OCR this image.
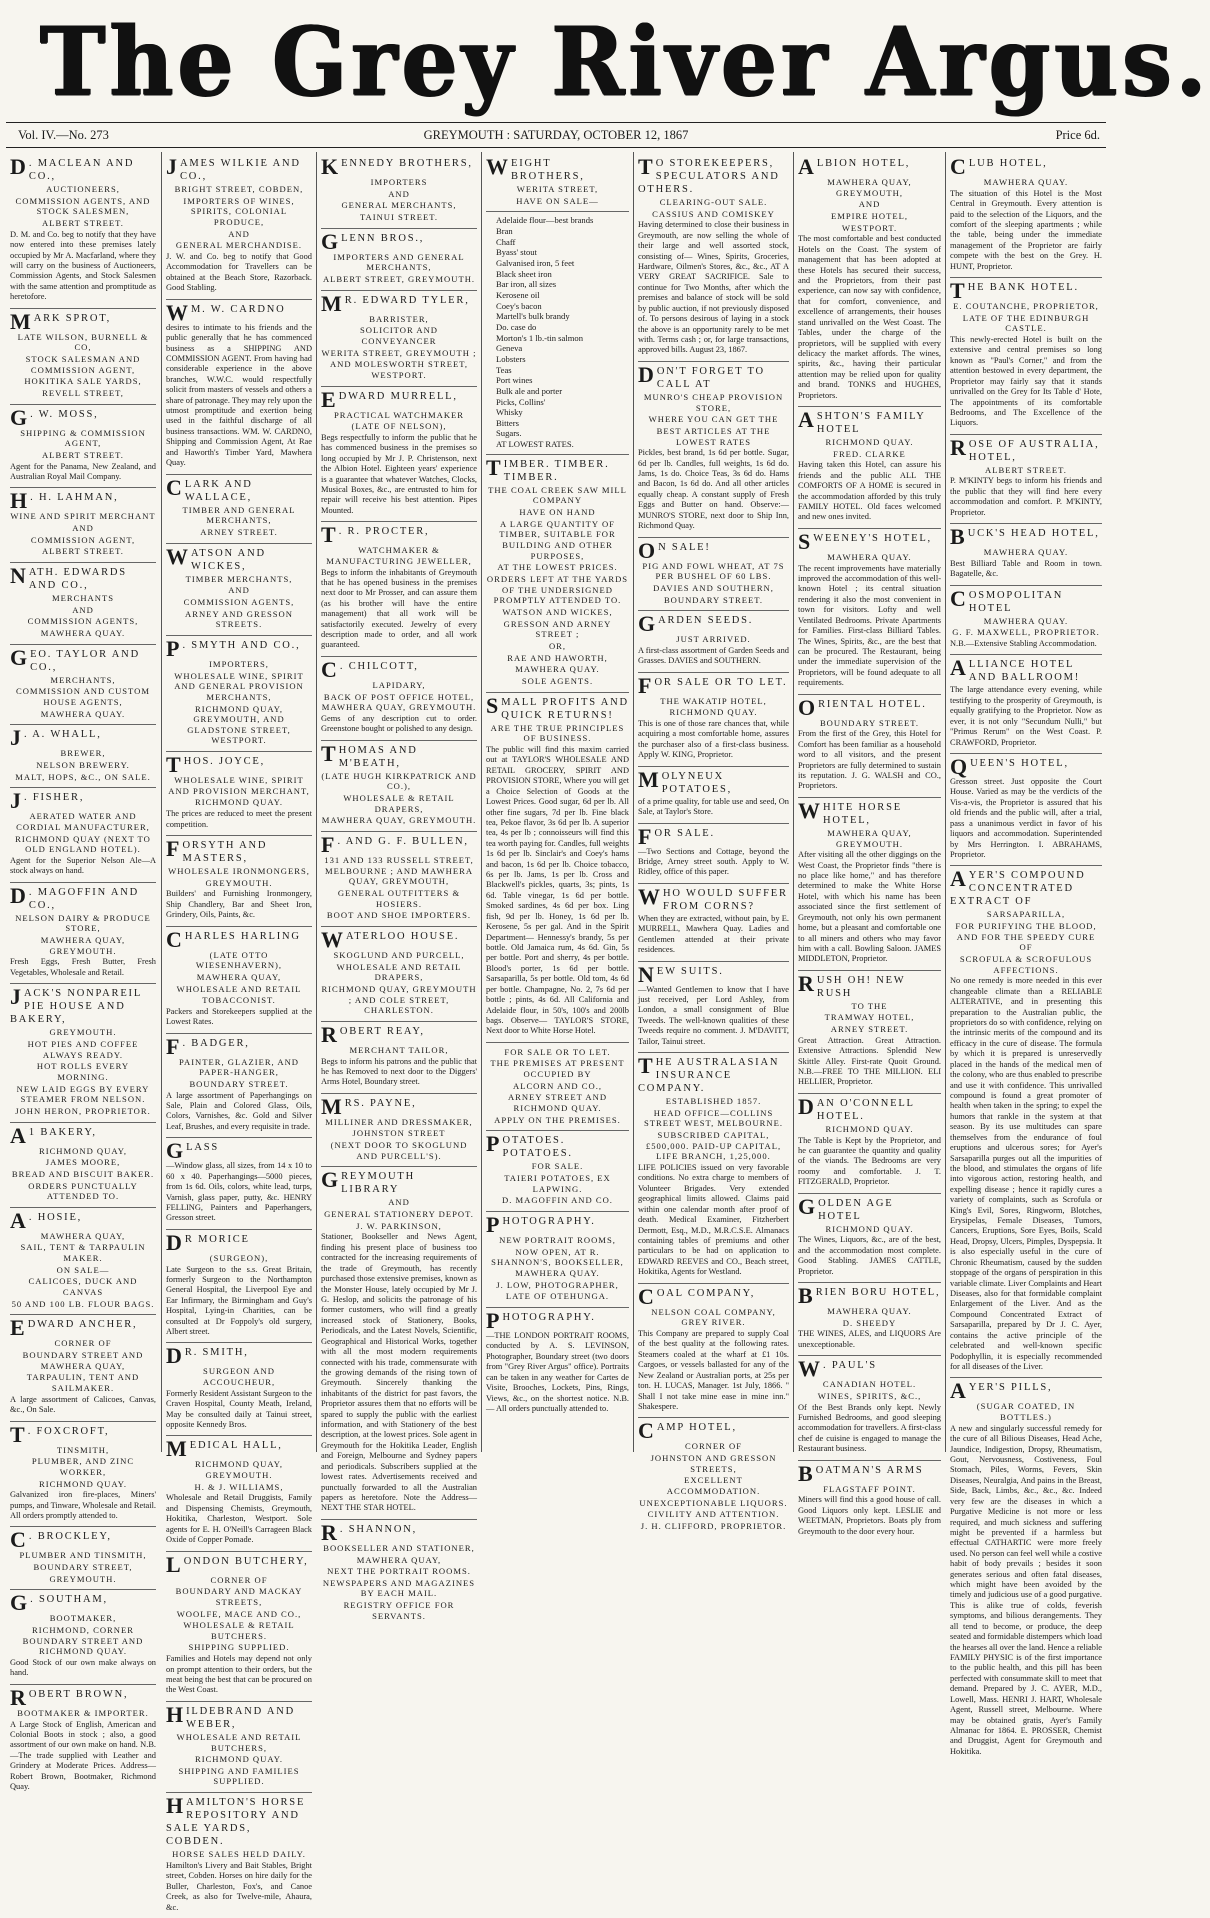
The Grey River Argus.
Vol. IV.—No. 273	GREYMOUTH : SATURDAY, OCTOBER 12, 1867	Price 6d.
D . MACLEAN AND CO.,

AUCTIONEERS,

COMMISSION AGENTS, AND STOCK SALESMEN,

ALBERT STREET.

D. M. and Co. beg to notify that they have now entered into these premises lately occupied by Mr A. Macfarland, where they will carry on the business of Auctioneers, Commission Agents, and Stock Salesmen with the same attention and promptitude as heretofore.

MARK SPROT,

LATE WILSON, BURNELL & CO,

STOCK SALESMAN AND COMMISSION AGENT,

HOKITIKA SALE YARDS,

REVELL STREET,

G . W. MOSS,

SHIPPING & COMMISSION AGENT,

ALBERT STREET.

Agent for the Panama, New Zealand, and Australian Royal Mail Company.

H . H. LAHMAN,

WINE AND SPIRIT MERCHANT

AND

COMMISSION AGENT,

ALBERT STREET.

NATH. EDWARDS AND CO.,

MERCHANTS

AND

COMMISSION AGENTS,

MAWHERA QUAY.

GEO. TAYLOR AND CO.,

MERCHANTS,

COMMISSION AND CUSTOM HOUSE AGENTS,

MAWHERA QUAY.

J . A. WHALL,

BREWER,

NELSON BREWERY.

MALT, HOPS, &C., ON SALE.

J . FISHER,

AERATED WATER AND CORDIAL MANUFACTURER,

RICHMOND QUAY (NEXT TO OLD ENGLAND HOTEL).

Agent for the Superior Nelson Ale—A stock always on hand.

D . MAGOFFIN AND CO.,

NELSON DAIRY & PRODUCE STORE,

MAWHERA QUAY, GREYMOUTH.

Fresh Eggs, Fresh Butter, Fresh Vegetables, Wholesale and Retail.

JACK'S NONPAREIL PIE HOUSE AND BAKERY,

GREYMOUTH.

HOT PIES AND COFFEE ALWAYS READY.

HOT ROLLS EVERY MORNING.

NEW LAID EGGS BY EVERY STEAMER FROM NELSON.

JOHN HERON, PROPRIETOR.

A 1 BAKERY,

RICHMOND QUAY,

JAMES MOORE,

BREAD AND BISCUIT BAKER.

ORDERS PUNCTUALLY ATTENDED TO.

A . HOSIE,

MAWHERA QUAY,

SAIL, TENT & TARPAULIN MAKER.

ON SALE—

CALICOES, DUCK AND CANVAS

50 AND 100 LB. FLOUR BAGS.

EDWARD ANCHER,

CORNER OF

BOUNDARY STREET AND MAWHERA QUAY,

TARPAULIN, TENT AND SAILMAKER.

A large assortment of Calicoes, Canvas, &c., On Sale.

T . FOXCROFT,

TINSMITH,

PLUMBER, AND ZINC WORKER,

RICHMOND QUAY.

Galvanized iron fire-places, Miners' pumps, and Tinware, Wholesale and Retail. All orders promptly attended to.

C . BROCKLEY,

PLUMBER AND TINSMITH,

BOUNDARY STREET,

GREYMOUTH.

G . SOUTHAM,

BOOTMAKER,

RICHMOND, CORNER BOUNDARY STREET AND RICHMOND QUAY.

Good Stock of our own make always on hand.

ROBERT BROWN,

BOOTMAKER & IMPORTER.

A Large Stock of English, American and Colonial Boots in stock ; also, a good assortment of our own make on hand. N.B.—The trade supplied with Leather and Grindery at Moderate Prices. Address—Robert Brown, Bootmaker, Richmond Quay.

JAMES WILKIE AND CO.,

BRIGHT STREET, COBDEN,

IMPORTERS OF WINES, SPIRITS, COLONIAL PRODUCE,

AND

GENERAL MERCHANDISE.

J. W. and Co. beg to notify that Good Accommodation for Travellers can be obtained at the Beach Store, Razorback. Good Stabling.

W M. W. CARDNO

desires to intimate to his friends and the public generally that he has commenced business as a SHIPPING AND COMMISSION AGENT. From having had considerable experience in the above branches, W.W.C. would respectfully solicit from masters of vessels and others a share of patronage. They may rely upon the utmost promptitude and exertion being used in the faithful discharge of all business transactions. WM. W. CARDNO, Shipping and Commission Agent, At Rae and Haworth's Timber Yard, Mawhera Quay.

CLARK AND WALLACE,

TIMBER AND GENERAL MERCHANTS,

ARNEY STREET.

WATSON AND WICKES,

TIMBER MERCHANTS,

AND

COMMISSION AGENTS,

ARNEY AND GRESSON STREETS.

P . SMYTH AND CO.,

IMPORTERS,

WHOLESALE WINE, SPIRIT AND GENERAL PROVISION MERCHANTS,

RICHMOND QUAY, GREYMOUTH, AND GLADSTONE STREET, WESTPORT.

THOS. JOYCE,

WHOLESALE WINE, SPIRIT AND PROVISION MERCHANT,

RICHMOND QUAY.

The prices are reduced to meet the present competition.

FORSYTH AND MASTERS,

WHOLESALE IRONMONGERS,

GREYMOUTH.

Builders' and Furnishing Ironmongery, Ship Chandlery, Bar and Sheet Iron, Grindery, Oils, Paints, &c.

CHARLES HARLING

(LATE OTTO WIESENHAVERN),

MAWHERA QUAY,

WHOLESALE AND RETAIL

TOBACCONIST.

Packers and Storekeepers supplied at the Lowest Rates.

F . BADGER,

PAINTER, GLAZIER, AND PAPER-HANGER,

BOUNDARY STREET.

A large assortment of Paperhangings on Sale, Plain and Colored Glass, Oils, Colors, Varnishes, &c. Gold and Silver Leaf, Brushes, and every requisite in trade.

GLASS

—Window glass, all sizes, from 14 x 10 to 60 x 40. Paperhangings—5000 pieces, from 1s 6d. Oils, colors, white lead, turps, Varnish, glass paper, putty, &c. HENRY FELLING, Painters and Paperhangers, Gresson street.

D R MORICE

(SURGEON),

Late Surgeon to the s.s. Great Britain, formerly Surgeon to the Northampton General Hospital, the Liverpool Eye and Ear Infirmary, the Birmingham and Guy's Hospital, Lying-in Charities, can be consulted at Dr Foppoly's old surgery, Albert street.

D R. SMITH,

SURGEON AND ACCOUCHEUR,

Formerly Resident Assistant Surgeon to the Craven Hospital, County Meath, Ireland, May be consulted daily at Tainui street, opposite Kennedy Bros.

MEDICAL HALL,

RICHMOND QUAY, GREYMOUTH.

H. & J. WILLIAMS,

Wholesale and Retail Druggists, Family and Dispensing Chemists, Greymouth, Hokitika, Charleston, Westport. Sole agents for E. H. O'Neill's Carrageen Black Oxide of Copper Pomade.

LONDON BUTCHERY,

CORNER OF

BOUNDARY AND MACKAY STREETS,

WOOLFE, MACE AND CO.,

WHOLESALE & RETAIL BUTCHERS.

SHIPPING SUPPLIED.

Families and Hotels may depend not only on prompt attention to their orders, but the meat being the best that can be procured on the West Coast.

HILDEBRAND AND WEBER,

WHOLESALE AND RETAIL BUTCHERS,

RICHMOND QUAY.

SHIPPING AND FAMILIES SUPPLIED.

HAMILTON'S HORSE REPOSITORY AND SALE YARDS, COBDEN.

HORSE SALES HELD DAILY.

Hamilton's Livery and Bait Stables, Bright street, Cobden. Horses on hire daily for the Buller, Charleston, Fox's, and Canoe Creek, as also for Twelve-mile, Ahaura, &c.

KENNEDY BROTHERS,

IMPORTERS

AND

GENERAL MERCHANTS,

TAINUI STREET.

GLENN BROS.,

IMPORTERS AND GENERAL MERCHANTS,

ALBERT STREET, GREYMOUTH.

M R. EDWARD TYLER,

BARRISTER,

SOLICITOR AND CONVEYANCER

WERITA STREET, GREYMOUTH ;

AND MOLESWORTH STREET, WESTPORT.

EDWARD MURRELL,

PRACTICAL WATCHMAKER

(LATE OF NELSON),

Begs respectfully to inform the public that he has commenced business in the premises so long occupied by Mr J. P. Christenson, next the Albion Hotel. Eighteen years' experience is a guarantee that whatever Watches, Clocks, Musical Boxes, &c., are entrusted to him for repair will receive his best attention. Pipes Mounted.

T . R. PROCTER,

WATCHMAKER & MANUFACTURING JEWELLER,

Begs to inform the inhabitants of Greymouth that he has opened business in the premises next door to Mr Prosser, and can assure them (as his brother will have the entire management) that all work will be satisfactorily executed. Jewelry of every description made to order, and all work guaranteed.

C . CHILCOTT,

LAPIDARY,

BACK OF POST OFFICE HOTEL, MAWHERA QUAY, GREYMOUTH.

Gems of any description cut to order. Greenstone bought or polished to any design.

THOMAS AND M'BEATH,

(LATE HUGH KIRKPATRICK AND CO.),

WHOLESALE & RETAIL DRAPERS,

MAWHERA QUAY, GREYMOUTH.

F . AND G. F. BULLEN,

131 AND 133 RUSSELL STREET, MELBOURNE ; AND MAWHERA QUAY, GREYMOUTH,

GENERAL OUTFITTERS & HOSIERS.

BOOT AND SHOE IMPORTERS.

WATERLOO HOUSE.

SKOGLUND AND PURCELL,

WHOLESALE AND RETAIL DRAPERS,

RICHMOND QUAY, GREYMOUTH ; AND COLE STREET, CHARLESTON.

ROBERT REAY,

MERCHANT TAILOR,

Begs to inform his patrons and the public that he has Removed to next door to the Diggers' Arms Hotel, Boundary street.

MRS. PAYNE,

MILLINER AND DRESSMAKER,

JOHNSTON STREET

(NEXT DOOR TO SKOGLUND AND PURCELL'S).

GREYMOUTH LIBRARY

AND

GENERAL STATIONERY DEPOT.

J. W. PARKINSON,

Stationer, Bookseller and News Agent, finding his present place of business too contracted for the increasing requirements of the trade of Greymouth, has recently purchased those extensive premises, known as the Monster House, lately occupied by Mr J. G. Heslop, and solicits the patronage of his former customers, who will find a greatly increased stock of Stationery, Books, Periodicals, and the Latest Novels, Scientific, Geographical and Historical Works, together with all the most modern requirements connected with his trade, commensurate with the growing demands of the rising town of Greymouth. Sincerely thanking the inhabitants of the district for past favors, the Proprietor assures them that no efforts will be spared to supply the public with the earliest information, and with Stationery of the best description, at the lowest prices. Sole agent in Greymouth for the Hokitika Leader, English and Foreign, Melbourne and Sydney papers and periodicals. Subscribers supplied at the lowest rates. Advertisements received and punctually forwarded to all the Australian papers as heretofore. Note the Address— NEXT THE STAR HOTEL.

R . SHANNON,

BOOKSELLER AND STATIONER,

MAWHERA QUAY,

NEXT THE PORTRAIT ROOMS.

NEWSPAPERS AND MAGAZINES BY EACH MAIL.

REGISTRY OFFICE FOR SERVANTS.

WEIGHT BROTHERS,

WERITA STREET,

HAVE ON SALE—

Adelaide flour—best brands

Bran

Chaff

Byass' stout

Galvanised iron, 5 feet

Black sheet iron

Bar iron, all sizes

Kerosene oil

Coey's bacon

Martell's bulk brandy

Do. case do

Morton's 1 lb.-tin salmon

Geneva

Lobsters

Teas

Port wines

Bulk ale and porter

Picks, Collins'

Whisky

Bitters

Sugars.

AT LOWEST RATES.

TIMBER. TIMBER. TIMBER.

THE COAL CREEK SAW MILL COMPANY

HAVE ON HAND

A LARGE QUANTITY OF TIMBER, SUITABLE FOR BUILDING AND OTHER PURPOSES,

AT THE LOWEST PRICES.

ORDERS LEFT AT THE YARDS OF THE UNDERSIGNED PROMPTLY ATTENDED TO.

WATSON AND WICKES,

GRESSON AND ARNEY STREET ;

OR,

RAE AND HAWORTH,

MAWHERA QUAY.

SOLE AGENTS.

SMALL PROFITS AND QUICK RETURNS!

ARE THE TRUE PRINCIPLES OF BUSINESS.

The public will find this maxim carried out at TAYLOR'S WHOLESALE AND RETAIL GROCERY, SPIRIT AND PROVISION STORE, Where you will get a Choice Selection of Goods at the Lowest Prices. Good sugar, 6d per lb. All other fine sugars, 7d per lb. Fine black tea, Pekoe flavor, 3s 6d per lb. A superior tea, 4s per lb ; connoisseurs will find this tea worth paying for. Candles, full weights 1s 6d per lb. Sinclair's and Coey's hams and bacon, 1s 6d per lb. Choice tobacco, 6s per lb. Jams, 1s per lb. Cross and Blackwell's pickles, quarts, 3s; pints, 1s 6d. Table vinegar, 1s 6d per bottle. Smoked sardines, 4s 6d per box. Ling fish, 9d per lb. Honey, 1s 6d per lb. Kerosene, 5s per gal. And in the Spirit Department— Hennessy's brandy, 5s per bottle. Old Jamaica rum, 4s 6d. Gin, 5s per bottle. Port and sherry, 4s per bottle. Blood's porter, 1s 6d per bottle. Sarsaparilla, 5s per bottle. Old tom, 4s 6d per bottle. Champagne, No. 2, 7s 6d per bottle ; pints, 4s 6d. All California and Adelaide flour, in 50's, 100's and 200lb bags. Observe— TAYLOR'S STORE, Next door to White Horse Hotel.

FOR SALE OR TO LET.

THE PREMISES AT PRESENT OCCUPIED BY

ALCORN AND CO.,

ARNEY STREET AND RICHMOND QUAY.

APPLY ON THE PREMISES.

POTATOES. POTATOES.

FOR SALE.

TAIERI POTATOES, EX LAPWING.

D. MAGOFFIN AND CO.

PHOTOGRAPHY.

NEW PORTRAIT ROOMS,

NOW OPEN, AT R. SHANNON'S, BOOKSELLER, MAWHERA QUAY.

J. LOW, PHOTOGRAPHER,

LATE OF OTEHUNGA.

PHOTOGRAPHY.

—THE LONDON PORTRAIT ROOMS, conducted by A. S. LEVINSON, Photographer, Boundary street (two doors from "Grey River Argus" office). Portraits can be taken in any weather for Cartes de Visite, Brooches, Lockets, Pins, Rings, Views, &c., on the shortest notice. N.B. — All orders punctually attended to.

T O STOREKEEPERS, SPECULATORS AND OTHERS.

CLEARING-OUT SALE.

CASSIUS AND COMISKEY

Having determined to close their business in Greymouth, are now selling the whole of their large and well assorted stock, consisting of— Wines, Spirits, Groceries, Hardware, Oilmen's Stores, &c., &c., AT A VERY GREAT SACRIFICE. Sale to continue for Two Months, after which the premises and balance of stock will be sold by public auction, if not previously disposed of. To persons desirous of laying in a stock the above is an opportunity rarely to be met with. Terms cash ; or, for large transactions, approved bills. August 23, 1867.

DON'T FORGET TO CALL AT

MUNRO'S CHEAP PROVISION STORE,

WHERE YOU CAN GET THE

BEST ARTICLES AT THE LOWEST RATES

Pickles, best brand, 1s 6d per bottle. Sugar, 6d per lb. Candles, full weights, 1s 6d do. Jams, 1s do. Choice Teas, 3s 6d do. Hams and Bacon, 1s 6d do. And all other articles equally cheap. A constant supply of Fresh Eggs and Butter on hand. Observe:— MUNRO'S STORE, next door to Ship Inn, Richmond Quay.

O N SALE!

PIG AND FOWL WHEAT, AT 7S PER BUSHEL OF 60 LBS.

DAVIES AND SOUTHERN,

BOUNDARY STREET.

GARDEN SEEDS.

JUST ARRIVED.

A first-class assortment of Garden Seeds and Grasses. DAVIES and SOUTHERN.

FOR SALE OR TO LET.

THE WAKATIP HOTEL,

RICHMOND QUAY.

This is one of those rare chances that, while acquiring a most comfortable home, assures the purchaser also of a first-class business. Apply W. KING, Proprietor.

MOLYNEUX POTATOES,

of a prime quality, for table use and seed, On Sale, at Taylor's Store.

FOR SALE.

—Two Sections and Cottage, beyond the Bridge, Arney street south. Apply to W. Ridley, office of this paper.

WHO WOULD SUFFER FROM CORNS?

When they are extracted, without pain, by E. MURRELL, Mawhera Quay. Ladies and Gentlemen attended at their private residences.

NEW SUITS.

—Wanted Gentlemen to know that I have just received, per Lord Ashley, from London, a small consignment of Blue Tweeds. The well-known qualities of these Tweeds require no comment. J. M'DAVITT, Tailor, Tainui street.

THE AUSTRALASIAN INSURANCE COMPANY.

ESTABLISHED 1857.

HEAD OFFICE—COLLINS STREET WEST, MELBOURNE.

SUBSCRIBED CAPITAL, £500,000. PAID-UP CAPITAL, LIFE BRANCH, 1,25,000.

LIFE POLICIES issued on very favorable conditions. No extra charge to members of Volunteer Brigades. Very extended geographical limits allowed. Claims paid within one calendar month after proof of death. Medical Examiner, Fitzherbert Dermott, Esq., M.D., M.R.C.S.E. Almanacs containing tables of premiums and other particulars to be had on application to EDWARD REEVES and CO., Beach street, Hokitika, Agents for Westland.

COAL COMPANY,

NELSON COAL COMPANY, GREY RIVER.

This Company are prepared to supply Coal of the best quality at the following rates. Steamers coaled at the wharf at £1 10s. Cargoes, or vessels ballasted for any of the New Zealand or Australian ports, at 25s per ton. H. LUCAS, Manager. 1st July, 1866. " Shall I not take mine ease in mine inn." Shakespere.

CAMP HOTEL,

CORNER OF

JOHNSTON AND GRESSON STREETS,

EXCELLENT ACCOMMODATION.

UNEXCEPTIONABLE LIQUORS.

CIVILITY AND ATTENTION.

J. H. CLIFFORD, PROPRIETOR.

ALBION HOTEL,

MAWHERA QUAY, GREYMOUTH,

AND

EMPIRE HOTEL,

WESTPORT.

The most comfortable and best conducted Hotels on the Coast. The system of management that has been adopted at these Hotels has secured their success, and the Proprietors, from their past experience, can now say with confidence, that for comfort, convenience, and excellence of arrangements, their houses stand unrivalled on the West Coast. The Tables, under the charge of the proprietors, will be supplied with every delicacy the market affords. The wines, spirits, &c., having their particular attention may be relied upon for quality and brand. TONKS and HUGHES, Proprietors.

ASHTON'S FAMILY HOTEL

RICHMOND QUAY.

FRED. CLARKE

Having taken this Hotel, can assure his friends and the public ALL THE COMFORTS OF A HOME is secured in the accommodation afforded by this truly FAMILY HOTEL. Old faces welcomed and new ones invited.

SWEENEY'S HOTEL,

MAWHERA QUAY.

The recent improvements have materially improved the accommodation of this well-known Hotel ; its central situation rendering it also the most convenient in town for visitors. Lofty and well Ventilated Bedrooms. Private Apartments for Families. First-class Billiard Tables. The Wines, Spirits, &c., are the best that can be procured. The Restaurant, being under the immediate supervision of the Proprietors, will be found adequate to all requirements.

ORIENTAL HOTEL.

BOUNDARY STREET.

From the first of the Grey, this Hotel for Comfort has been familiar as a household word to all visitors, and the present Proprietors are fully determined to sustain its reputation. J. G. WALSH and CO., Proprietors.

WHITE HORSE HOTEL,

MAWHERA QUAY, GREYMOUTH.

After visiting all the other diggings on the West Coast, the Proprietor finds "there is no place like home," and has therefore determined to make the White Horse Hotel, with which his name has been associated since the first settlement of Greymouth, not only his own permanent home, but a pleasant and comfortable one to all miners and others who may favor him with a call. Bowling Saloon. JAMES MIDDLETON, Proprietor.

RUSH OH! NEW RUSH

TO THE

TRAMWAY HOTEL,

ARNEY STREET.

Great Attraction. Great Attraction. Extensive Attractions. Splendid New Skittle Alley. First-rate Quoit Ground. N.B.—FREE TO THE MILLION. ELI HELLIER, Proprietor.

DAN O'CONNELL HOTEL.

RICHMOND QUAY.

The Table is Kept by the Proprietor, and he can guarantee the quantity and quality of the viands. The Bedrooms are very roomy and comfortable. J. T. FITZGERALD, Proprietor.

GOLDEN AGE HOTEL

RICHMOND QUAY.

The Wines, Liquors, &c., are of the best, and the accommodation most complete. Good Stabling. JAMES CATTLE, Proprietor.

BRIEN BORU HOTEL,

MAWHERA QUAY.

D. SHEEDY

THE WINES, ALES, and LIQUORS Are unexceptionable.

W . PAUL'S

CANADIAN HOTEL.

WINES, SPIRITS, &C.,

Of the Best Brands only kept. Newly Furnished Bedrooms, and good sleeping accommodation for travellers. A first-class chef de cuisine is engaged to manage the Restaurant business.

BOATMAN'S ARMS

FLAGSTAFF POINT.

Miners will find this a good house of call. Good Liquors only kept. LESLIE and WEETMAN, Proprietors. Boats ply from Greymouth to the door every hour.

CLUB HOTEL,

MAWHERA QUAY.

The situation of this Hotel is the Most Central in Greymouth. Every attention is paid to the selection of the Liquors, and the comfort of the sleeping apartments ; while the table, being under the immediate management of the Proprietor are fairly compete with the best on the Grey. H. HUNT, Proprietor.

THE BANK HOTEL.

E. COUTANCHE, PROPRIETOR,

LATE OF THE EDINBURGH CASTLE.

This newly-erected Hotel is built on the extensive and central premises so long known as "Paul's Corner," and from the attention bestowed in every department, the Proprietor may fairly say that it stands unrivalled on the Grey for Its Table d' Hote, The appointments of its comfortable Bedrooms, and The Excellence of the Liquors.

ROSE OF AUSTRALIA, HOTEL,

ALBERT STREET.

P. M'KINTY begs to inform his friends and the public that they will find here every accommodation and comfort. P. M'KINTY, Proprietor.

BUCK'S HEAD HOTEL,

MAWHERA QUAY.

Best Billiard Table and Room in town. Bagatelle, &c.

COSMOPOLITAN HOTEL

MAWHERA QUAY.

G. F. MAXWELL, PROPRIETOR.

N.B.—Extensive Stabling Accommodation.

ALLIANCE HOTEL AND BALLROOM!

The large attendance every evening, while testifying to the prosperity of Greymouth, is equally gratifying to the Proprietor. Now as ever, it is not only "Secundum Nulli," but "Primus Rerum" on the West Coast. P. CRAWFORD, Proprietor.

QUEEN'S HOTEL,

Gresson street. Just opposite the Court House. Varied as may be the verdicts of the Vis-a-vis, the Proprietor is assured that his old friends and the public will, after a trial, pass a unanimous verdict in favor of his liquors and accommodation. Superintended by Mrs Herrington. I. ABRAHAMS, Proprietor.

AYER'S COMPOUND CONCENTRATED EXTRACT OF

SARSAPARILLA,

FOR PURIFYING THE BLOOD, AND FOR THE SPEEDY CURE OF

SCROFULA & SCROFULOUS AFFECTIONS.

No one remedy is more needed in this ever changeable climate than a RELIABLE ALTERATIVE, and in presenting this preparation to the Australian public, the proprietors do so with confidence, relying on the intrinsic merits of the compound and its efficacy in the cure of disease. The formula by which it is prepared is unreservedly placed in the hands of the medical men of the colony, who are thus enabled to prescribe and use it with confidence. This unrivalled compound is found a great promoter of health when taken in the spring; to expel the humors that rankle in the system at that season. By its use multitudes can spare themselves from the endurance of foul eruptions and ulcerous sores; for Ayer's Sarsaparilla purges out all the impurities of the blood, and stimulates the organs of life into vigorous action, restoring health, and expelling disease ; hence it rapidly cures a variety of complaints, such as Scrofula or King's Evil, Sores, Ringworm, Blotches, Erysipelas, Female Diseases, Tumors, Cancers, Eruptions, Sore Eyes, Boils, Scald Head, Dropsy, Ulcers, Pimples, Dyspepsia. It is also especially useful in the cure of Chronic Rheumatism, caused by the sudden stoppage of the organs of perspiration in this variable climate. Liver Complaints and Heart Diseases, also for that formidable complaint Enlargement of the Liver. And as the Compound Concentrated Extract of Sarsaparilla, prepared by Dr J. C. Ayer, contains the active principle of the celebrated and well-known specific Podophyllin, it is especially recommended for all diseases of the Liver.

AYER'S PILLS,

(SUGAR COATED, IN BOTTLES.)

A new and singularly successful remedy for the cure of all Bilious Diseases, Head Ache, Jaundice, Indigestion, Dropsy, Rheumatism, Gout, Nervousness, Costiveness, Foul Stomach, Piles, Worms, Fevers, Skin Diseases, Neuralgia, And pains in the Breast, Side, Back, Limbs, &c., &c., &c. Indeed very few are the diseases in which a Purgative Medicine is not more or less required, and much sickness and suffering might be prevented if a harmless but effectual CATHARTIC were more freely used. No person can feel well while a costive habit of body prevails ; besides it soon generates serious and often fatal diseases, which might have been avoided by the timely and judicious use of a good purgative. This is alike true of colds, feverish symptoms, and bilious derangements. They all tend to become, or produce, the deep seated and formidable distempers which load the hearses all over the land. Hence a reliable FAMILY PHYSIC is of the first importance to the public health, and this pill has been perfected with consummate skill to meet that demand. Prepared by J. C. AYER, M.D., Lowell, Mass. HENRI J. HART, Wholesale Agent, Russell street, Melbourne. Where may be obtained gratis, Ayer's Family Almanac for 1864. E. PROSSER, Chemist and Druggist, Agent for Greymouth and Hokitika.
